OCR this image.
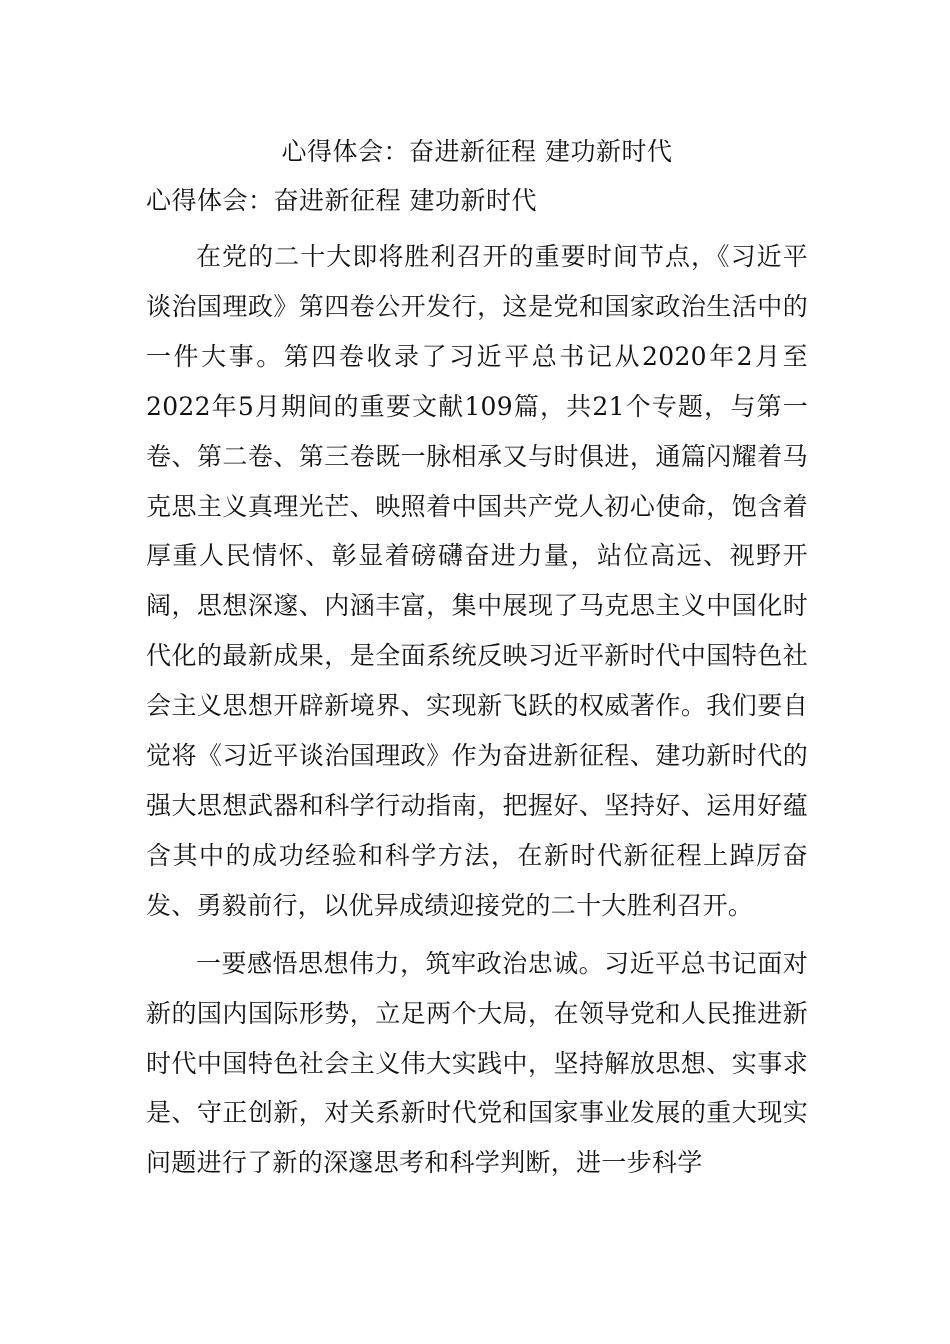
心得体会：奋进新征程 建功新时代
心得体会：奋进新征程 建功新时代

在党的二十大即将胜利召开的重要时间节点，《习近平谈治国理政》第四卷公开发行，这是党和国家政治生活中的一件大事。第四卷收录了习近平总书记从2020年2月至2022年5月期间的重要文献109篇，共21个专题，与第一卷、第二卷、第三卷既一脉相承又与时俱进，通篇闪耀着马克思主义真理光芒、映照着中国共产党人初心使命，饱含着厚重人民情怀、彰显着磅礴奋进力量，站位高远、视野开阔，思想深邃、内涵丰富，集中展现了马克思主义中国化时代化的最新成果，是全面系统反映习近平新时代中国特色社会主义思想开辟新境界、实现新飞跃的权威著作。我们要自觉将《习近平谈治国理政》作为奋进新征程、建功新时代的强大思想武器和科学行动指南，把握好、坚持好、运用好蕴含其中的成功经验和科学方法，在新时代新征程上踔厉奋发、勇毅前行，以优异成绩迎接党的二十大胜利召开。

一要感悟思想伟力，筑牢政治忠诚。习近平总书记面对新的国内国际形势，立足两个大局，在领导党和人民推进新时代中国特色社会主义伟大实践中，坚持解放思想、实事求是、守正创新，对关系新时代党和国家事业发展的重大现实问题进行了新的深邃思考和科学判断，进一步科学
